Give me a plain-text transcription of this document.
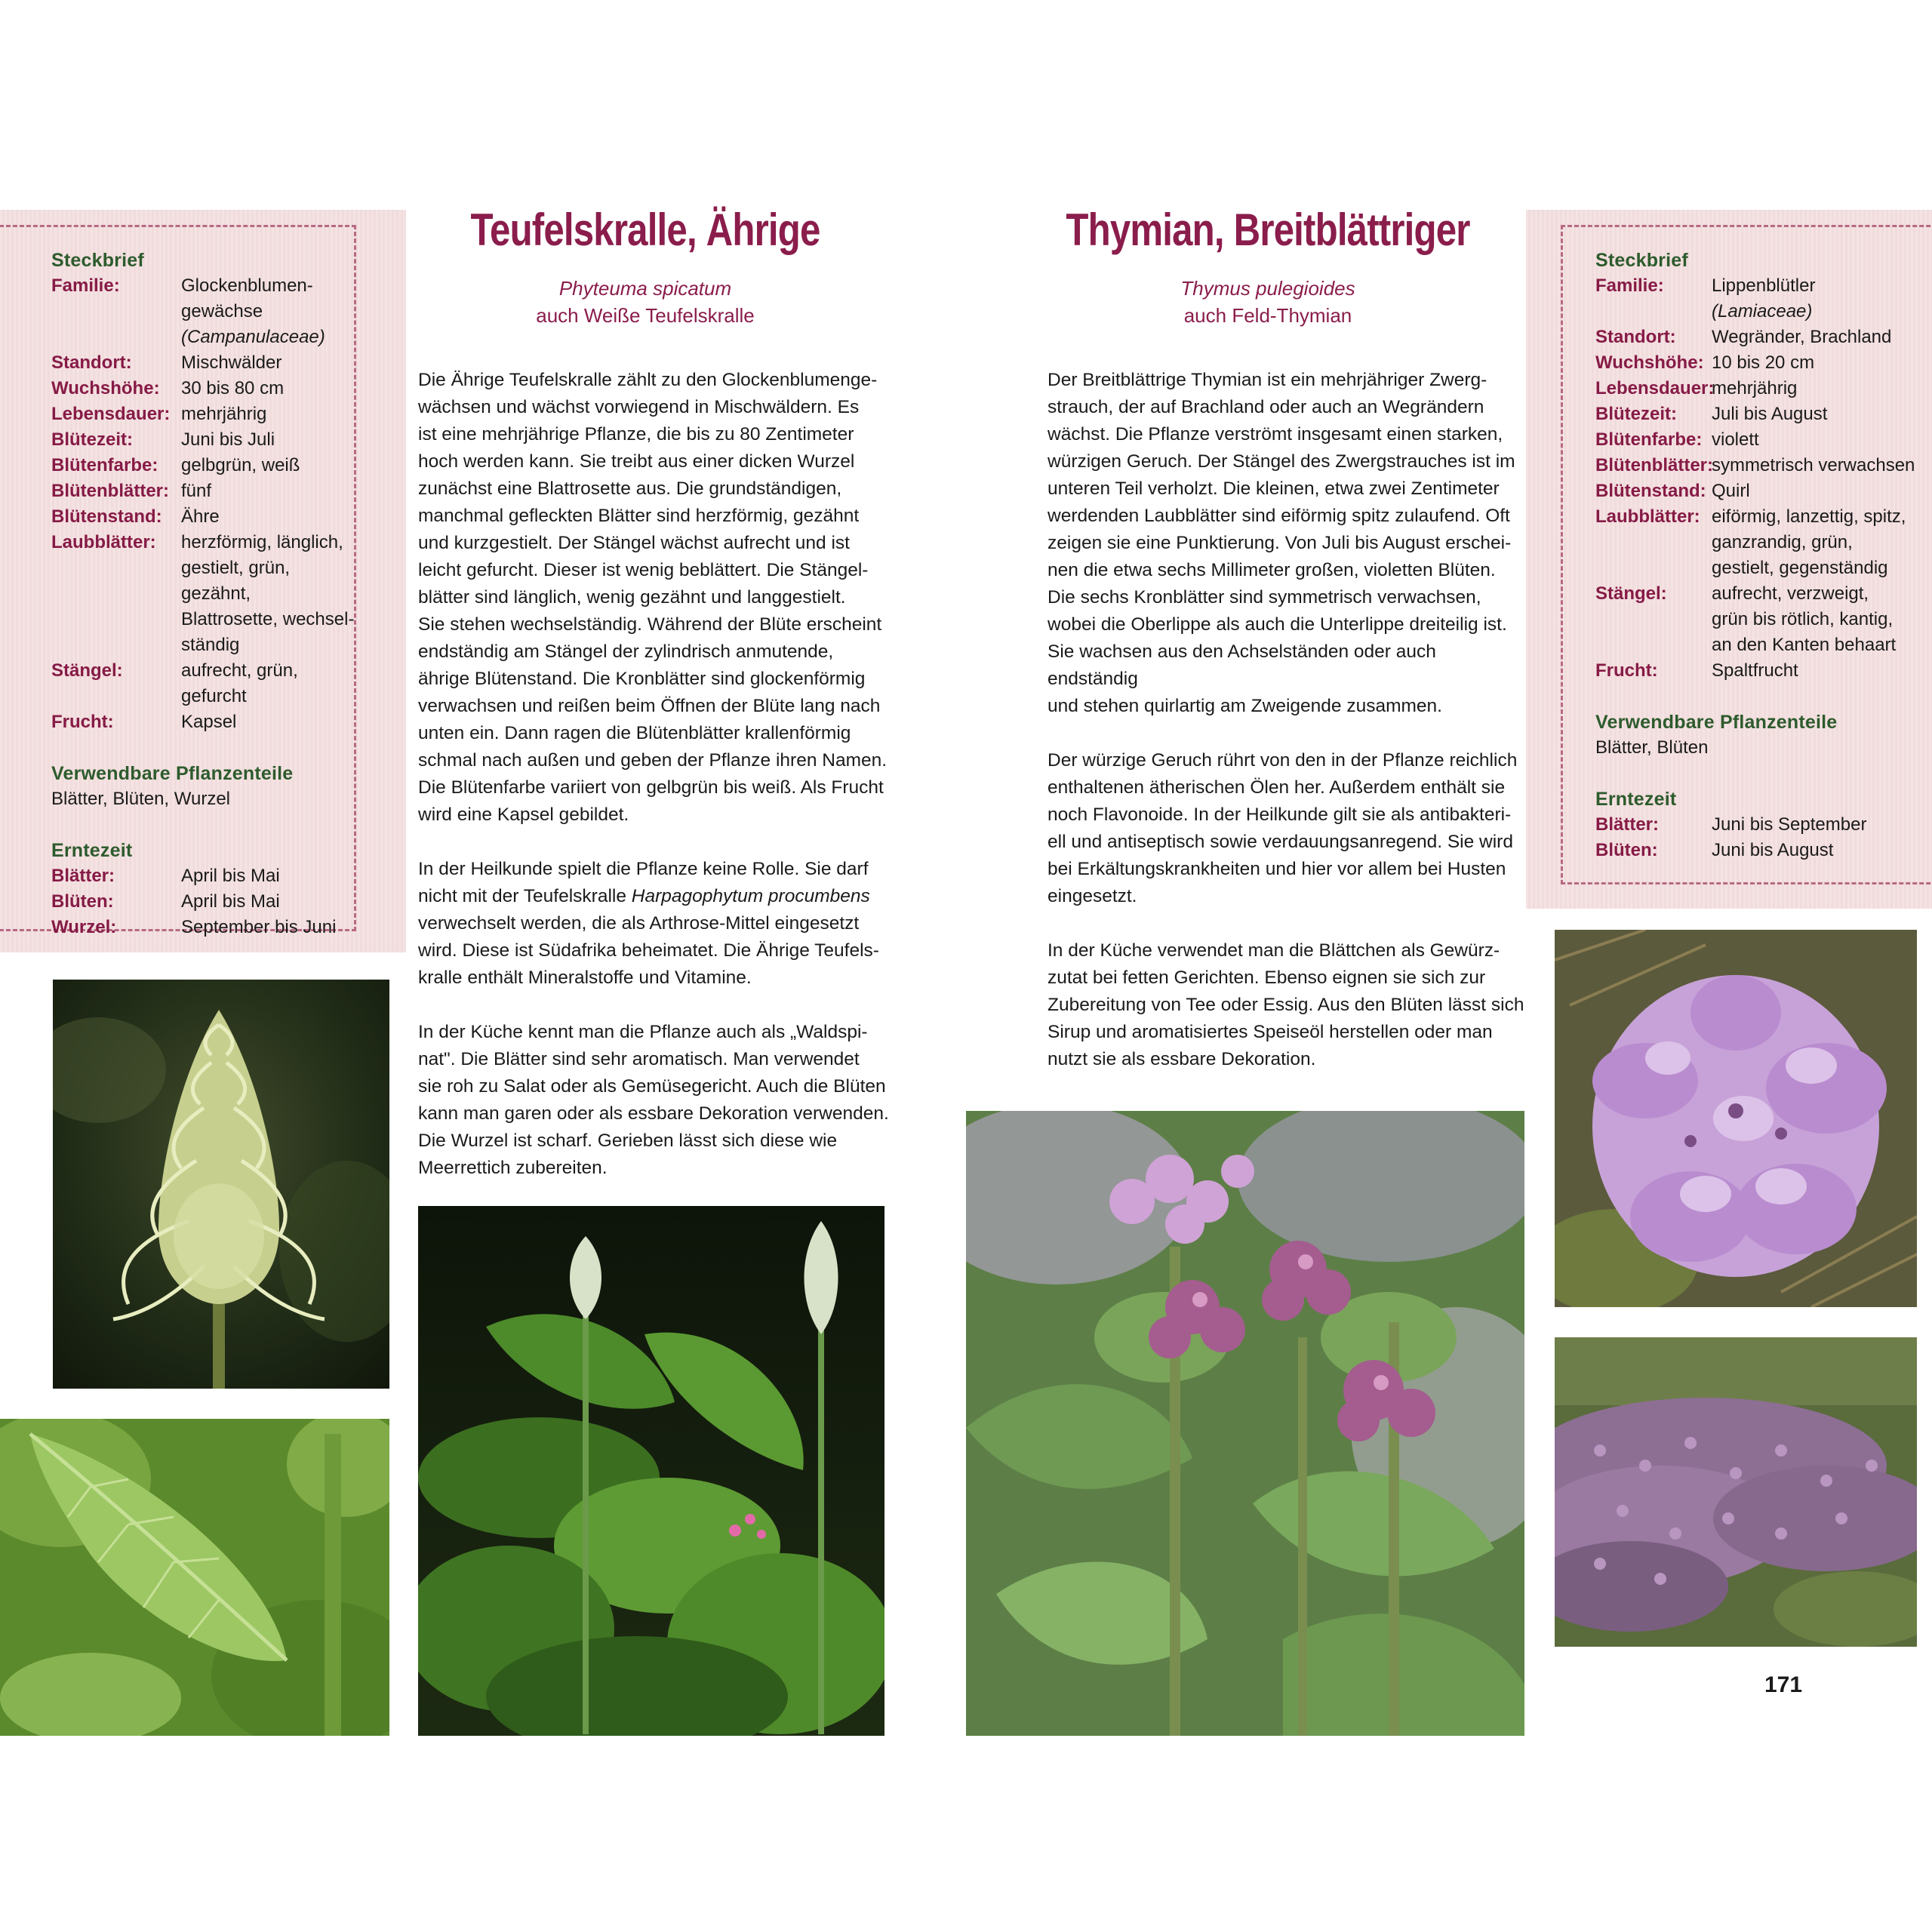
Steckbrief
Familie:	Glockenblumen-
gewächse
(Campanulaceae)
Standort:	Mischwälder
Wuchshöhe:	30 bis 80 cm
Lebensdauer: mehrjährig
Blütezeit:	Juni bis Juli
Blütenfarbe:	gelbgrün, weiß
Blütenblätter: fünf
Blütenstand:	Ähre
Laubblätter:	herzförmig, länglich,
gestielt, grün, gezähnt,
Blattrosette, wechsel-
ständig
Stängel:	aufrecht, grün,
gefurcht
Frucht:	Kapsel
Verwendbare Pflanzenteile
Blätter, Blüten, Wurzel
Erntezeit
Blätter:	April bis Mai
Blüten:	April bis Mai
Wurzel:	September bis Juni
Teufelskralle, Ährige
Phyteuma spicatum
auch Weiße Teufelskralle

Die Ährige Teufelskralle zählt zu den Glockenblumenge-
wächsen und wächst vorwiegend in Mischwäldern. Es
ist eine mehrjährige Pflanze, die bis zu 80 Zentimeter
hoch werden kann. Sie treibt aus einer dicken Wurzel
zunächst eine Blattrosette aus. Die grundständigen,
manchmal gefleckten Blätter sind herzförmig, gezähnt
und kurzgestielt. Der Stängel wächst aufrecht und ist
leicht gefurcht. Dieser ist wenig beblättert. Die Stängel-
blätter sind länglich, wenig gezähnt und langgestielt.
Sie stehen wechselständig. Während der Blüte erscheint
endständig am Stängel der zylindrisch anmutende,
ährige Blütenstand. Die Kronblätter sind glockenförmig
verwachsen und reißen beim Öffnen der Blüte lang nach
unten ein. Dann ragen die Blütenblätter krallenförmig
schmal nach außen und geben der Pflanze ihren Namen.
Die Blütenfarbe variiert von gelbgrün bis weiß. Als Frucht
wird eine Kapsel gebildet.

In der Heilkunde spielt die Pflanze keine Rolle. Sie darf
nicht mit der Teufelskralle Harpagophytum procumbens
verwechselt werden, die als Arthrose-Mittel eingesetzt
wird. Diese ist Südafrika beheimatet. Die Ährige Teufels-
kralle enthält Mineralstoffe und Vitamine.

In der Küche kennt man die Pflanze auch als „Waldspi-
nat". Die Blätter sind sehr aromatisch. Man verwendet
sie roh zu Salat oder als Gemüsegericht. Auch die Blüten
kann man garen oder als essbare Dekoration verwenden.
Die Wurzel ist scharf. Gerieben lässt sich diese wie
Meerrettich zubereiten.

Thymian, Breitblättriger
Thymus pulegioides
auch Feld-Thymian

Der Breitblättrige Thymian ist ein mehrjähriger Zwerg-
strauch, der auf Brachland oder auch an Wegrändern
wächst. Die Pflanze verströmt insgesamt einen starken,
würzigen Geruch. Der Stängel des Zwergstrauches ist im
unteren Teil verholzt. Die kleinen, etwa zwei Zentimeter
werdenden Laubblätter sind eiförmig spitz zulaufend. Oft
zeigen sie eine Punktierung. Von Juli bis August erschei-
nen die etwa sechs Millimeter großen, violetten Blüten.
Die sechs Kronblätter sind symmetrisch verwachsen,
wobei die Oberlippe als auch die Unterlippe dreiteilig ist.
Sie wachsen aus den Achselständen oder auch endständig
und stehen quirlartig am Zweigende zusammen.

Der würzige Geruch rührt von den in der Pflanze reichlich
enthaltenen ätherischen Ölen her. Außerdem enthält sie
noch Flavonoide. In der Heilkunde gilt sie als antibakteri-
ell und antiseptisch sowie verdauungsanregend. Sie wird
bei Erkältungskrankheiten und hier vor allem bei Husten
eingesetzt.

In der Küche verwendet man die Blättchen als Gewürz-
zutat bei fetten Gerichten. Ebenso eignen sie sich zur
Zubereitung von Tee oder Essig. Aus den Blüten lässt sich
Sirup und aromatisiertes Speiseöl herstellen oder man
nutzt sie als essbare Dekoration.

Steckbrief
Familie:	Lippenblütler
(Lamiaceae)
Standort:	Wegränder, Brachland
Wuchshöhe: 10 bis 20 cm
Lebensdauer:
mehrjährig
Blütezeit:	Juli bis August
Blütenfarbe: violett
Blütenblätter:
symmetrisch verwachsen
Blütenstand: Quirl
Laubblätter: eiförmig, lanzettig, spitz,
ganzrandig, grün,
gestielt, gegenständig
Stängel:	aufrecht, verzweigt,
grün bis rötlich, kantig,
an den Kanten behaart
Frucht:	Spaltfrucht
Verwendbare Pflanzenteile
Blätter, Blüten
Erntezeit
Blätter:	Juni bis September
Blüten:	Juni bis August
171
